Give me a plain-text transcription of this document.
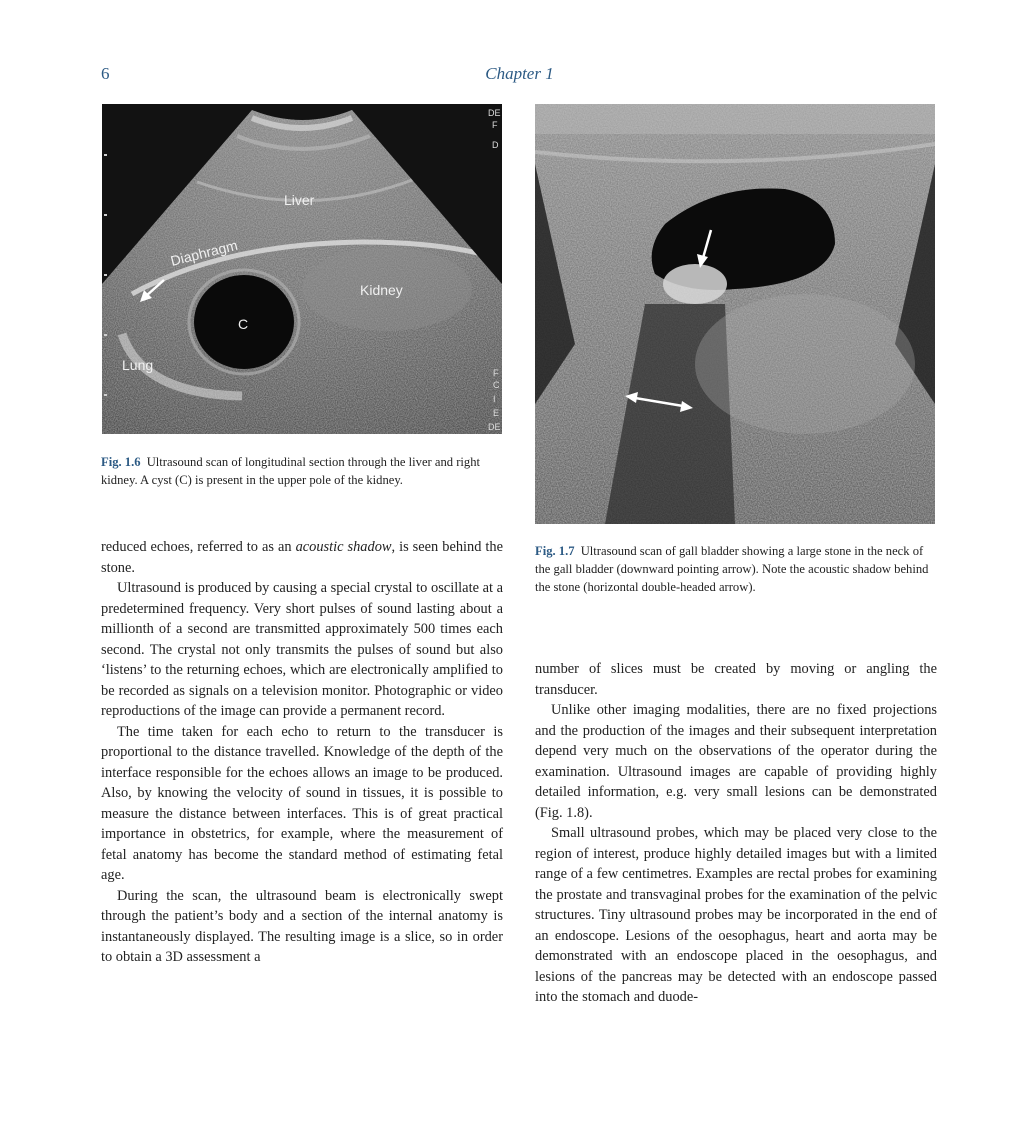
6	Chapter 1
DE
F
D
F
C
I
E
DE
Liver
Diaphragm
Kidney
C
Lung
Fig. 1.6 Ultrasound scan of longitudinal section through the liver and right kidney. A cyst (C) is present in the upper pole of the kidney.
Fig. 1.7 Ultrasound scan of gall bladder showing a large stone in the neck of the gall bladder (downward pointing arrow). Note the acoustic shadow behind the stone (horizontal double-headed arrow).

reduced echoes, referred to as an acoustic shadow, is seen behind the stone.

Ultrasound is produced by causing a special crystal to oscillate at a predetermined frequency. Very short pulses of sound lasting about a millionth of a second are transmitted approximately 500 times each second. The crystal not only transmits the pulses of sound but also ‘listens’ to the returning echoes, which are electronically amplified to be recorded as signals on a television monitor. Photographic or video reproductions of the image can provide a permanent record.

The time taken for each echo to return to the transducer is proportional to the distance travelled. Knowledge of the depth of the interface responsible for the echoes allows an image to be produced. Also, by knowing the velocity of sound in tissues, it is possible to measure the distance between interfaces. This is of great practical importance in obstetrics, for example, where the measurement of fetal anatomy has become the standard method of estimating fetal age.

During the scan, the ultrasound beam is electronically swept through the patient’s body and a section of the internal anatomy is instantaneously displayed. The resulting image is a slice, so in order to obtain a 3D assessment a

number of slices must be created by moving or angling the transducer.

Unlike other imaging modalities, there are no fixed projections and the production of the images and their subsequent interpretation depend very much on the observations of the operator during the examination. Ultrasound images are capable of providing highly detailed information, e.g. very small lesions can be demonstrated (Fig. 1.8).

Small ultrasound probes, which may be placed very close to the region of interest, produce highly detailed images but with a limited range of a few centimetres. Examples are rectal probes for examining the prostate and transvaginal probes for the examination of the pelvic structures. Tiny ultrasound probes may be incorporated in the end of an endoscope. Lesions of the oesophagus, heart and aorta may be demonstrated with an endoscope placed in the oesophagus, and lesions of the pancreas may be detected with an endoscope passed into the stomach and duode-
